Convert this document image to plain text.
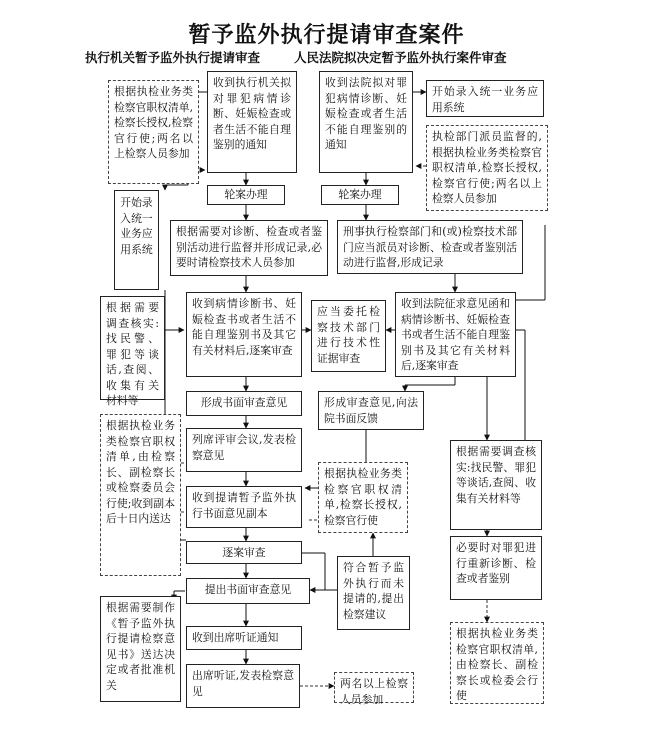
暂予监外执行提请审查案件
执行机关暂予监外执行提请审查	人民法院拟决定暂予监外执行案件审查
根据执检业务类检察官职权清单,检察长授权,检察官行使;两名以上检察人员参加
收到执行机关拟对罪犯病情诊断、妊娠检查或者生活不能自理鉴别的通知
收到法院拟对罪犯病情诊断、妊娠检查或者生活不能自理鉴别的通知
开始录入统一业务应用系统
执检部门派员监督的,根据执检业务类检察官职权清单,检察长授权,检察官行使;两名以上检察人员参加
开始录入统一业务应用系统
轮案办理	轮案办理
根据需要对诊断、检查或者鉴别活动进行监督并形成记录,必要时请检察技术人员参加
刑事执行检察部门和(或)检察技术部门应当派员对诊断、检查或者鉴别活动进行监督,形成记录
根据需要调查核实:找民警、罪犯等谈话,查阅、收集有关材料等
收到病情诊断书、妊娠检查书或者生活不能自理鉴别书及其它有关材料后,逐案审查
应当委托检察技术部门进行技术性证据审查
收到法院征求意见函和病情诊断书、妊娠检查书或者生活不能自理鉴别书及其它有关材料后,逐案审查
形成书面审查意见	形成审查意见,向法院书面反馈
根据执检业务类检察官职权清单,由检察长、副检察长或检察委员会行使;收到副本后十日内送达
列席评审会议,发表检察意见
根据执检业务类检察官职权清单,检察长授权,检察官行使
根据需要调查核实:找民警、罪犯等谈话,查阅、收集有关材料等
收到提请暂予监外执行书面意见副本
逐案审查	必要时对罪犯进行重新诊断、检查或者鉴别
符合暂予监外执行而未提请的,提出检察建议
提出书面审查意见
根据需要制作《暂予监外执行提请检察意见书》送达决定或者批准机关
收到出席听证通知	根据执检业务类检察官职权清单,由检察长、副检察长或检委会行使
出席听证,发表检察意见
两名以上检察人员参加
